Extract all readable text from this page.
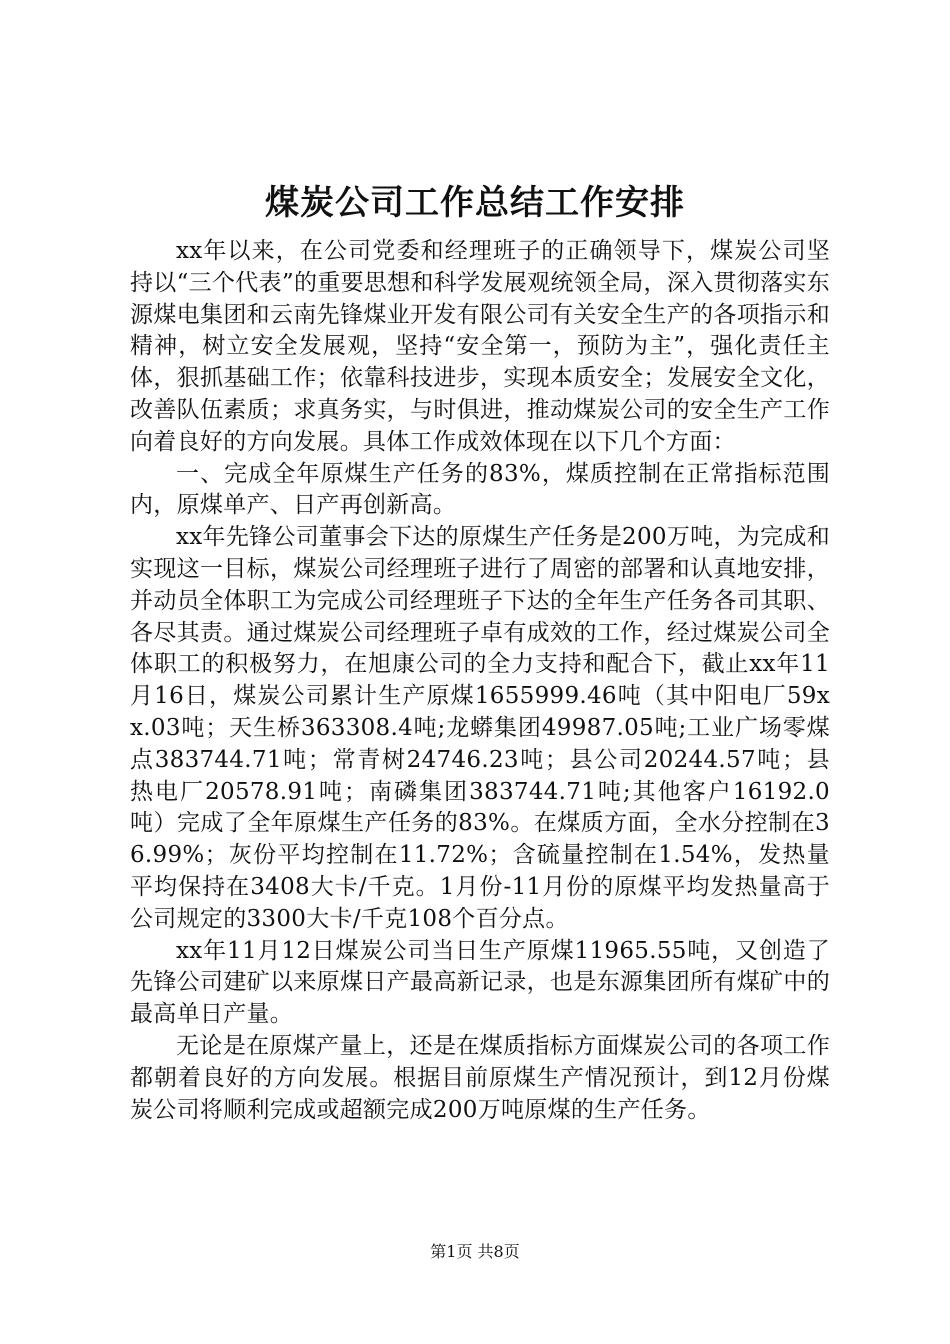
煤炭公司工作总结工作安排

xx年以来，在公司党委和经理班子的正确领导下，煤炭公司坚持以“三个代表”的重要思想和科学发展观统领全局，深入贯彻落实东源煤电集团和云南先锋煤业开发有限公司有关安全生产的各项指示和精神，树立安全发展观，坚持“安全第一，预防为主”，强化责任主体，狠抓基础工作；依靠科技进步，实现本质安全；发展安全文化，改善队伍素质；求真务实，与时俱进，推动煤炭公司的安全生产工作向着良好的方向发展。具体工作成效体现在以下几个方面：

一、完成全年原煤生产任务的83%，煤质控制在正常指标范围内，原煤单产、日产再创新高。

xx年先锋公司董事会下达的原煤生产任务是200万吨，为完成和实现这一目标，煤炭公司经理班子进行了周密的部署和认真地安排，并动员全体职工为完成公司经理班子下达的全年生产任务各司其职、各尽其责。通过煤炭公司经理班子卓有成效的工作，经过煤炭公司全体职工的积极努力，在旭康公司的全力支持和配合下，截止xx年11月16日，煤炭公司累计生产原煤1655999.46吨（其中阳电厂59xx.03吨；天生桥363308.4吨;龙蟒集团49987.05吨;工业广场零煤点383744.71吨；常青树24746.23吨；县公司20244.57吨；县热电厂20578.91吨；南磷集团383744.71吨;其他客户16192.0吨）完成了全年原煤生产任务的83%。在煤质方面，全水分控制在36.99%；灰份平均控制在11.72%；含硫量控制在1.54%，发热量平均保持在3408大卡/千克。1月份-11月份的原煤平均发热量高于公司规定的3300大卡/千克108个百分点。

xx年11月12日煤炭公司当日生产原煤11965.55吨，又创造了先锋公司建矿以来原煤日产最高新记录，也是东源集团所有煤矿中的最高单日产量。

无论是在原煤产量上，还是在煤质指标方面煤炭公司的各项工作都朝着良好的方向发展。根据目前原煤生产情况预计，到12月份煤炭公司将顺利完成或超额完成200万吨原煤的生产任务。

第1页 共8页
